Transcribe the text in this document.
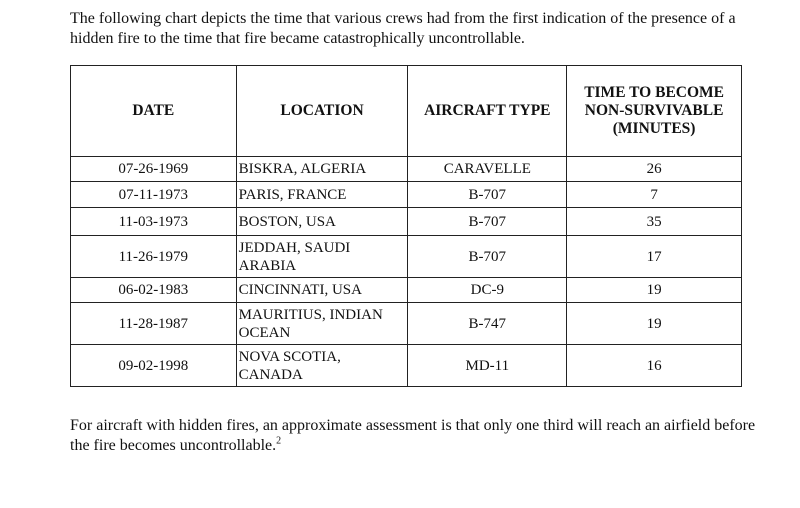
The following chart depicts the time that various crews had from the first indication of the presence of a hidden fire to the time that fire became catastrophically uncontrollable.

DATE	LOCATION	AIRCRAFT TYPE	TIME TO BECOME NON-SURVIVABLE (MINUTES)
07-26-1969	BISKRA, ALGERIA	CARAVELLE	26
07-11-1973	PARIS, FRANCE	B-707	7
11-03-1973	BOSTON, USA	B-707	35
11-26-1979	JEDDAH, SAUDI ARABIA	B-707	17
06-02-1983	CINCINNATI, USA	DC-9	19
11-28-1987	MAURITIUS, INDIAN OCEAN	B-747	19
09-02-1998	NOVA SCOTIA, CANADA	MD-11	16

For aircraft with hidden fires, an approximate assessment is that only one third will reach an airfield before the fire becomes uncontrollable.$^2$
